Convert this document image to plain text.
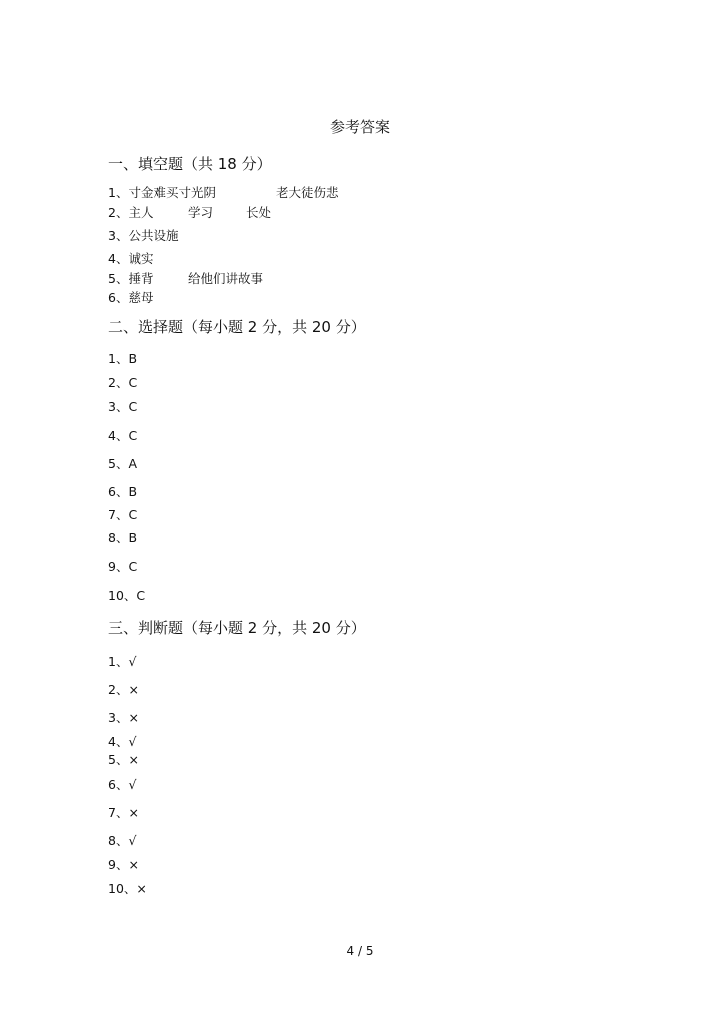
参考答案
一、填空题（共 18 分）
1、寸金难买寸光阴	老大徒伤悲
2、主人	学习	长处
3、公共设施
4、诚实
5、捶背	给他们讲故事
6、慈母
二、选择题（每小题 2 分，共 20 分）
1、B
2、C
3、C
4、C
5、A
6、B
7、C
8、B
9、C
10、C
三、判断题（每小题 2 分，共 20 分）
1、√
2、×
3、×
4、√
5、×
6、√
7、×
8、√
9、×
10、×
4 / 5
